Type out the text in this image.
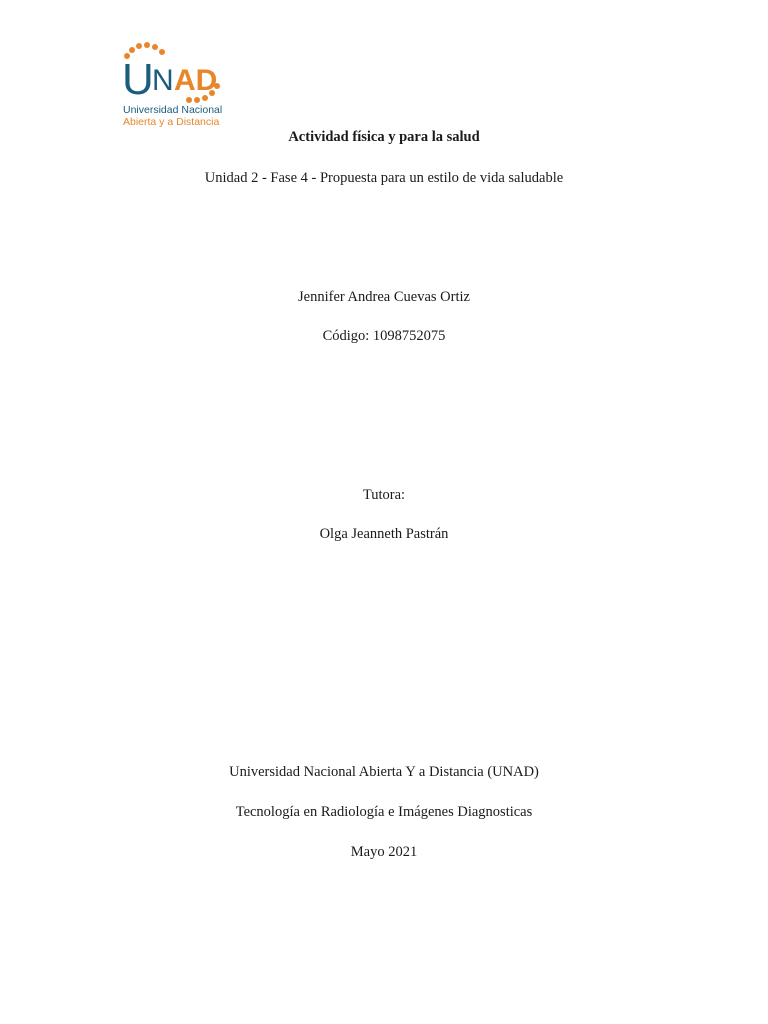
U
N AD
Universidad Nacional
Abierta y a Distancia
Actividad física y para la salud
Unidad 2 - Fase 4 - Propuesta para un estilo de vida saludable
Jennifer Andrea Cuevas Ortiz
Código: 1098752075
Tutora:
Olga Jeanneth Pastrán
Universidad Nacional Abierta Y a Distancia (UNAD)
Tecnología en Radiología e Imágenes Diagnosticas
Mayo 2021
